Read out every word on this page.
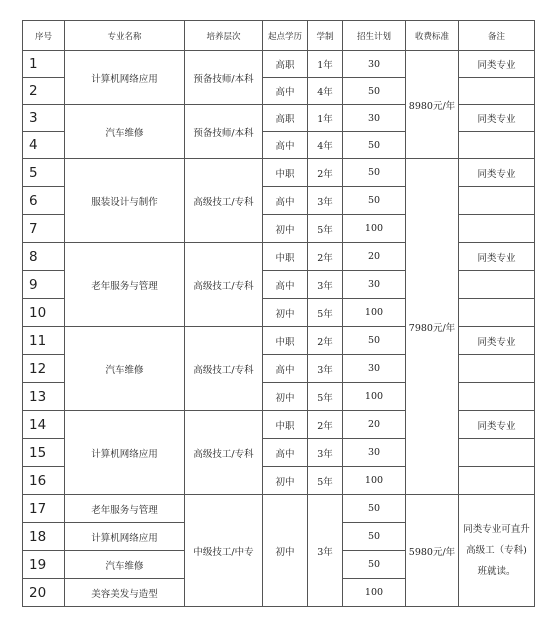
序号	专业名称	培养层次	起点学历	学制	招生计划	收费标准	备注
1	计算机网络应用	预备技师/本科	高职	1年	30	8980元/年	同类专业
2			高中	4年	50		
3	汽车维修	预备技师/本科	高职	1年	30		同类专业
4			高中	4年	50		
5	服装设计与制作	高级技工/专科	中职	2年	50	7980元/年	同类专业
6			高中	3年	50		
7			初中	5年	100		
8	老年服务与管理	高级技工/专科	中职	2年	20		同类专业
9			高中	3年	30		
10			初中	5年	100		
11	汽车维修	高级技工/专科	中职	2年	50		同类专业
12			高中	3年	30		
13			初中	5年	100		
14	计算机网络应用	高级技工/专科	中职	2年	20		同类专业
15			高中	3年	30		
16			初中	5年	100		
17	老年服务与管理	中级技工/中专	初中	3年	50	5980元/年	同类专业可直升高级工（专科)班就读。
18	计算机网络应用				50		
19	汽车维修				50		
20	美容美发与造型				100		
